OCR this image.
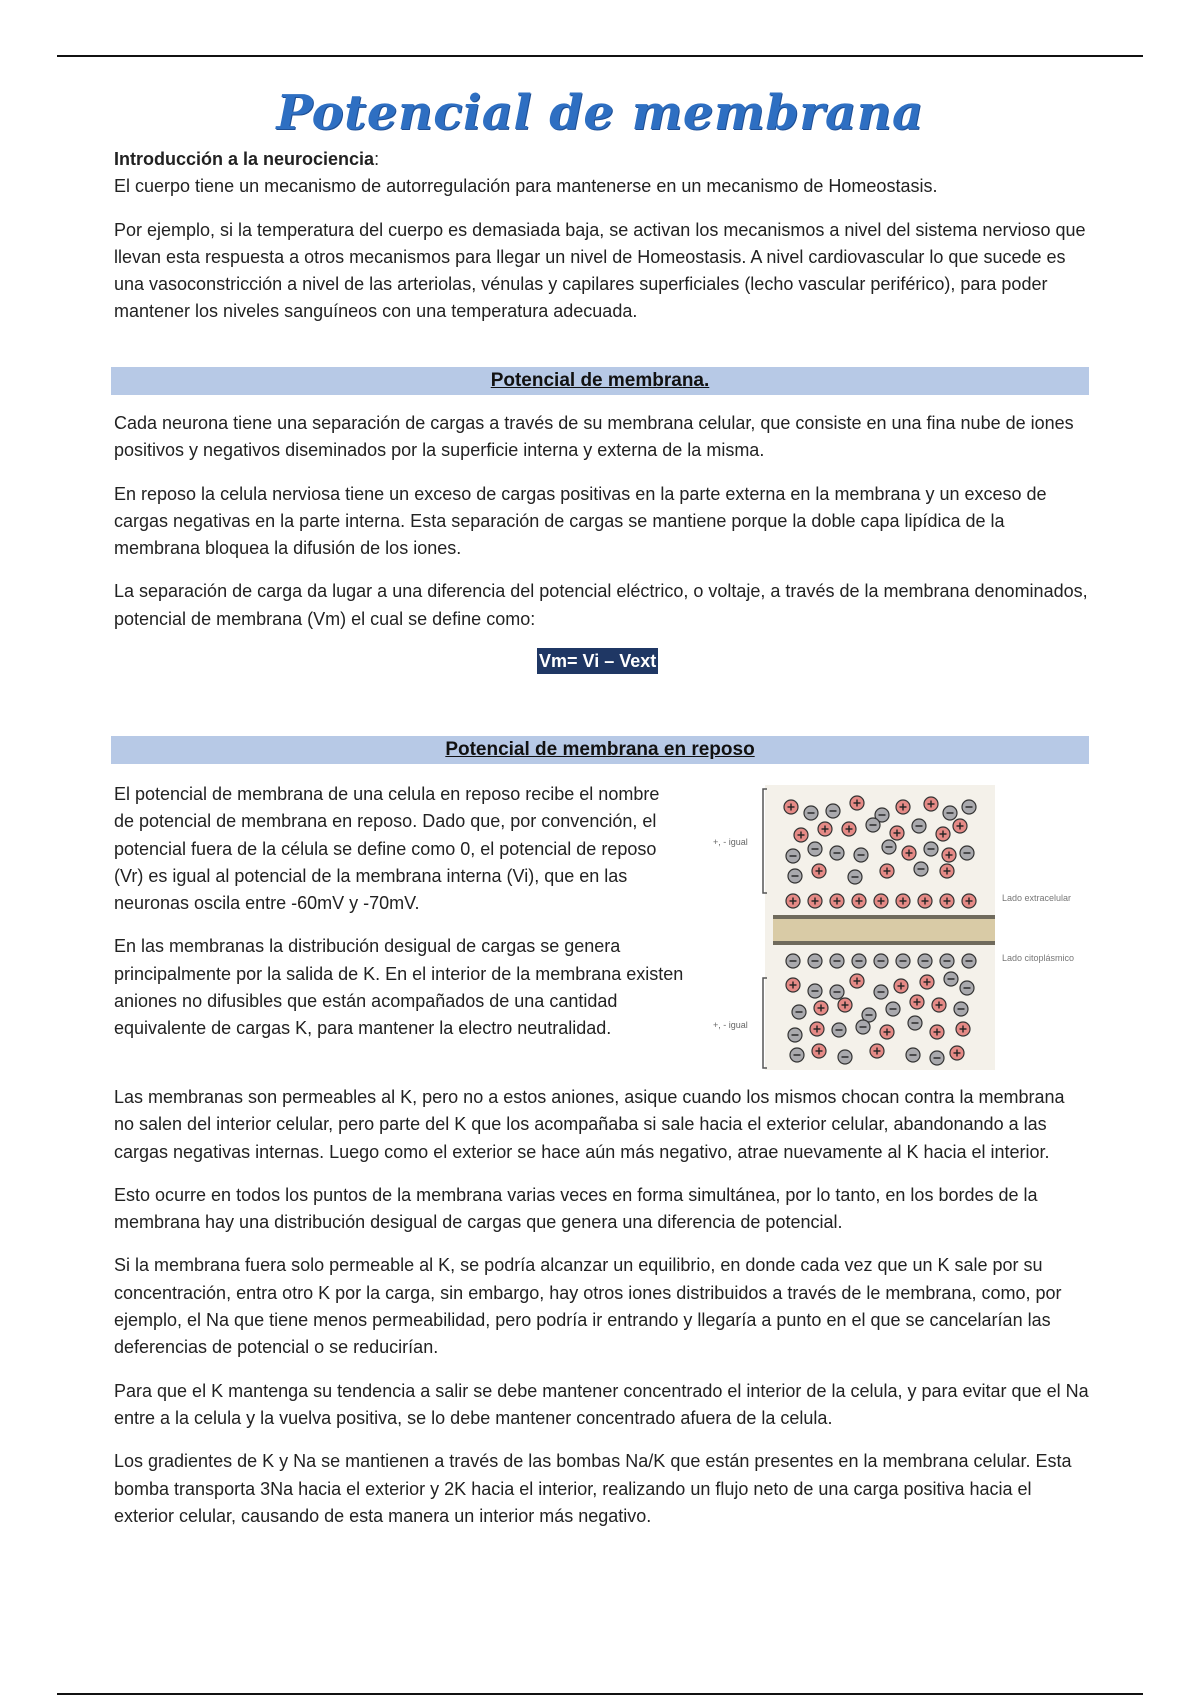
Potencial de membrana

Introducción a la neurociencia:

El cuerpo tiene un mecanismo de autorregulación para mantenerse en un mecanismo de Homeostasis.

Por ejemplo, si la temperatura del cuerpo es demasiada baja, se activan los mecanismos a nivel del sistema nervioso que llevan esta respuesta a otros mecanismos para llegar un nivel de Homeostasis. A nivel cardiovascular lo que sucede es una vasoconstricción a nivel de las arteriolas, vénulas y capilares superficiales (lecho vascular periférico), para poder mantener los niveles sanguíneos con una temperatura adecuada.

Potencial de membrana.

Cada neurona tiene una separación de cargas a través de su membrana celular, que consiste en una fina nube de iones positivos y negativos diseminados por la superficie interna y externa de la misma.

En reposo la celula nerviosa tiene un exceso de cargas positivas en la parte externa en la membrana y un exceso de cargas negativas en la parte interna. Esta separación de cargas se mantiene porque la doble capa lipídica de la membrana bloquea la difusión de los iones.

La separación de carga da lugar a una diferencia del potencial eléctrico, o voltaje, a través de la membrana denominados, potencial de membrana (Vm) el cual se define como:

Vm= Vi – Vext
Potencial de membrana en reposo

El potencial de membrana de una celula en reposo recibe el nombre de potencial de membrana en reposo. Dado que, por convención, el potencial fuera de la célula se define como 0, el potencial de reposo (Vr) es igual al potencial de la membrana interna (Vi), que en las neuronas oscila entre -60mV y -70mV.

En las membranas la distribución desigual de cargas se genera principalmente por la salida de K. En el interior de la membrana existen aniones no difusibles que están acompañados de una cantidad equivalente de cargas K, para mantener la electro neutralidad.

+, - igual
+, - igual
Lado extracelular
Lado citoplásmico

Las membranas son permeables al K, pero no a estos aniones, asique cuando los mismos chocan contra la membrana no salen del interior celular, pero parte del K que los acompañaba si sale hacia el exterior celular, abandonando a las cargas negativas internas. Luego como el exterior se hace aún más negativo, atrae nuevamente al K hacia el interior.

Esto ocurre en todos los puntos de la membrana varias veces en forma simultánea, por lo tanto, en los bordes de la membrana hay una distribución desigual de cargas que genera una diferencia de potencial.

Si la membrana fuera solo permeable al K, se podría alcanzar un equilibrio, en donde cada vez que un K sale por su concentración, entra otro K por la carga, sin embargo, hay otros iones distribuidos a través de le membrana, como, por ejemplo, el Na que tiene menos permeabilidad, pero podría ir entrando y llegaría a punto en el que se cancelarían las deferencias de potencial o se reducirían.

Para que el K mantenga su tendencia a salir se debe mantener concentrado el interior de la celula, y para evitar que el Na entre a la celula y la vuelva positiva, se lo debe mantener concentrado afuera de la celula.

Los gradientes de K y Na se mantienen a través de las bombas Na/K que están presentes en la membrana celular. Esta bomba transporta 3Na hacia el exterior y 2K hacia el interior, realizando un flujo neto de una carga positiva hacia el exterior celular, causando de esta manera un interior más negativo.
